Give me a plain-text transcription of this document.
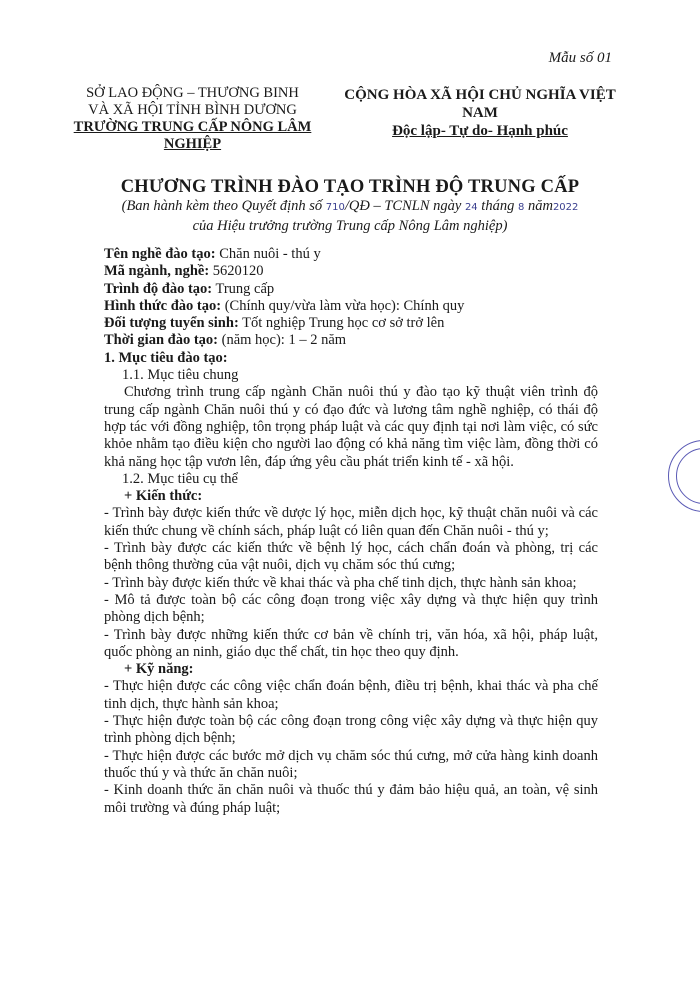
Mẫu số 01
SỞ LAO ĐỘNG – THƯƠNG BINH
VÀ XÃ HỘI TỈNH BÌNH DƯƠNG
TRƯỜNG TRUNG CẤP NÔNG LÂM NGHIỆP
CỘNG HÒA XÃ HỘI CHỦ NGHĨA VIỆT NAM
Độc lập- Tự do- Hạnh phúc
CHƯƠNG TRÌNH ĐÀO TẠO TRÌNH ĐỘ TRUNG CẤP
(Ban hành kèm theo Quyết định số 710/QĐ – TCNLN ngày 24 tháng 8 năm2022
của Hiệu trưởng trường Trung cấp Nông Lâm nghiệp)

Tên nghề đào tạo: Chăn nuôi - thú y

Mã ngành, nghề: 5620120

Trình độ đào tạo: Trung cấp

Hình thức đào tạo: (Chính quy/vừa làm vừa học): Chính quy

Đối tượng tuyển sinh: Tốt nghiệp Trung học cơ sở trở lên

Thời gian đào tạo: (năm học): 1 – 2 năm

1. Mục tiêu đào tạo:

1.1. Mục tiêu chung

Chương trình trung cấp ngành Chăn nuôi thú y đào tạo kỹ thuật viên trình độ trung cấp ngành Chăn nuôi thú y có đạo đức và lương tâm nghề nghiệp, có thái độ hợp tác với đồng nghiệp, tôn trọng pháp luật và các quy định tại nơi làm việc, có sức khỏe nhằm tạo điều kiện cho người lao động có khả năng tìm việc làm, đồng thời có khả năng học tập vươn lên, đáp ứng yêu cầu phát triển kinh tế - xã hội.

1.2. Mục tiêu cụ thể

+ Kiến thức:

- Trình bày được kiến thức về dược lý học, miễn dịch học, kỹ thuật chăn nuôi và các kiến thức chung về chính sách, pháp luật có liên quan đến Chăn nuôi - thú y;

- Trình bày được các kiến thức về bệnh lý học, cách chẩn đoán và phòng, trị các bệnh thông thường của vật nuôi, dịch vụ chăm sóc thú cưng;

- Trình bày được kiến thức về khai thác và pha chế tinh dịch, thực hành sản khoa;

- Mô tả được toàn bộ các công đoạn trong việc xây dựng và thực hiện quy trình phòng dịch bệnh;

- Trình bày được những kiến thức cơ bản về chính trị, văn hóa, xã hội, pháp luật, quốc phòng an ninh, giáo dục thể chất, tin học theo quy định.

+ Kỹ năng:

- Thực hiện được các công việc chẩn đoán bệnh, điều trị bệnh, khai thác và pha chế tinh dịch, thực hành sản khoa;

- Thực hiện được toàn bộ các công đoạn trong công việc xây dựng và thực hiện quy trình phòng dịch bệnh;

- Thực hiện được các bước mở dịch vụ chăm sóc thú cưng, mở cửa hàng kinh doanh thuốc thú y và thức ăn chăn nuôi;

- Kinh doanh thức ăn chăn nuôi và thuốc thú y đảm bảo hiệu quả, an toàn, vệ sinh môi trường và đúng pháp luật;
